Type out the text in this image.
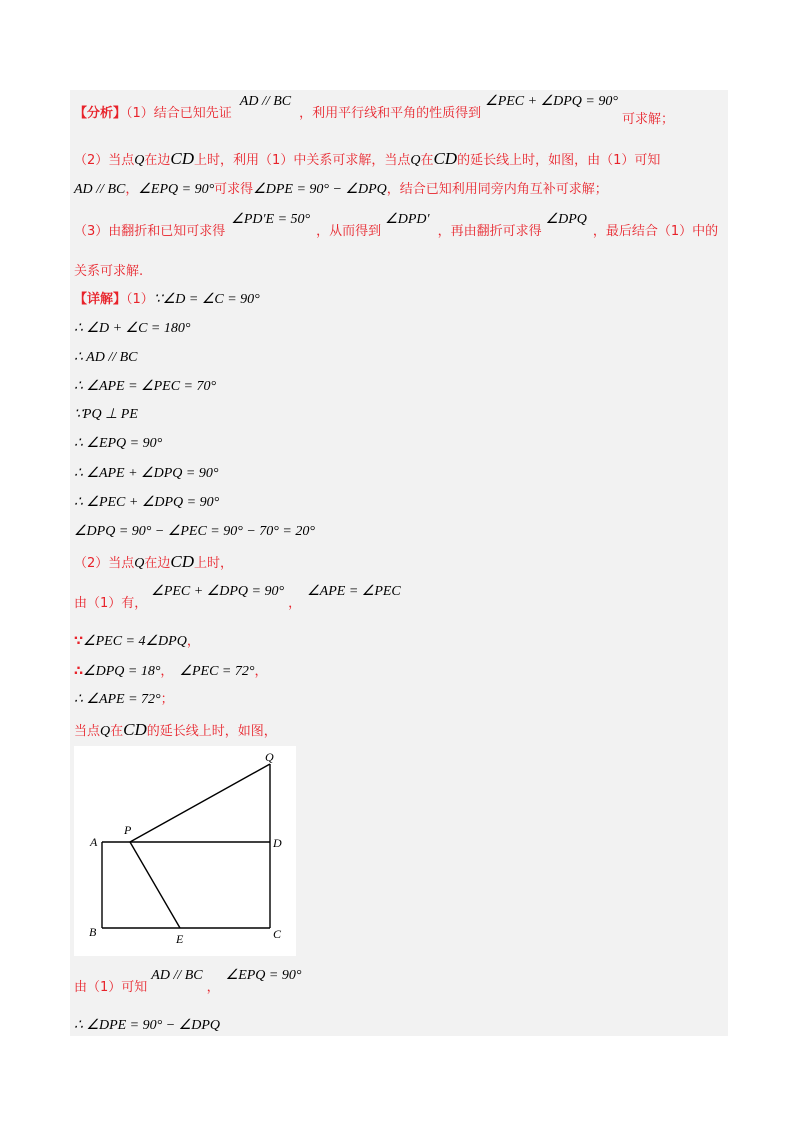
【分析】（1）结合已知先证AD // BC，利用平行线和平角的性质得到∠PEC + ∠DPQ = 90°可求解；
（2）当点Q在边CD上时，利用（1）中关系可求解，当点Q在CD的延长线上时，如图，由（1）可知
AD // BC，∠EPQ = 90°可求得∠DPE = 90° − ∠DPQ，结合已知利用同旁内角互补可求解；
（3）由翻折和已知可求得∠PD′E = 50°，从而得到∠DPD′，再由翻折可求得∠DPQ，最后结合（1）中的
关系可求解.
【详解】（1）∵∠D = ∠C = 90°
∴ ∠D + ∠C = 180°
∴ AD // BC
∴ ∠APE = ∠PEC = 70°
∵PQ ⊥ PE
∴ ∠EPQ = 90°
∴ ∠APE + ∠DPQ = 90°
∴ ∠PEC + ∠DPQ = 90°
∠DPQ = 90° − ∠PEC = 90° − 70° = 20°
（2）当点Q在边CD上时，
由（1）有，∠PEC + ∠DPQ = 90°，∠APE = ∠PEC
∵∠PEC = 4∠DPQ，
∴∠DPQ = 18°， ∠PEC = 72°，
∴ ∠APE = 72°；
当点Q在CD的延长线上时，如图，
A
P
D
Q
B	E	C
由（1）可知AD // BC，∠EPQ = 90°
∴ ∠DPE = 90° − ∠DPQ
